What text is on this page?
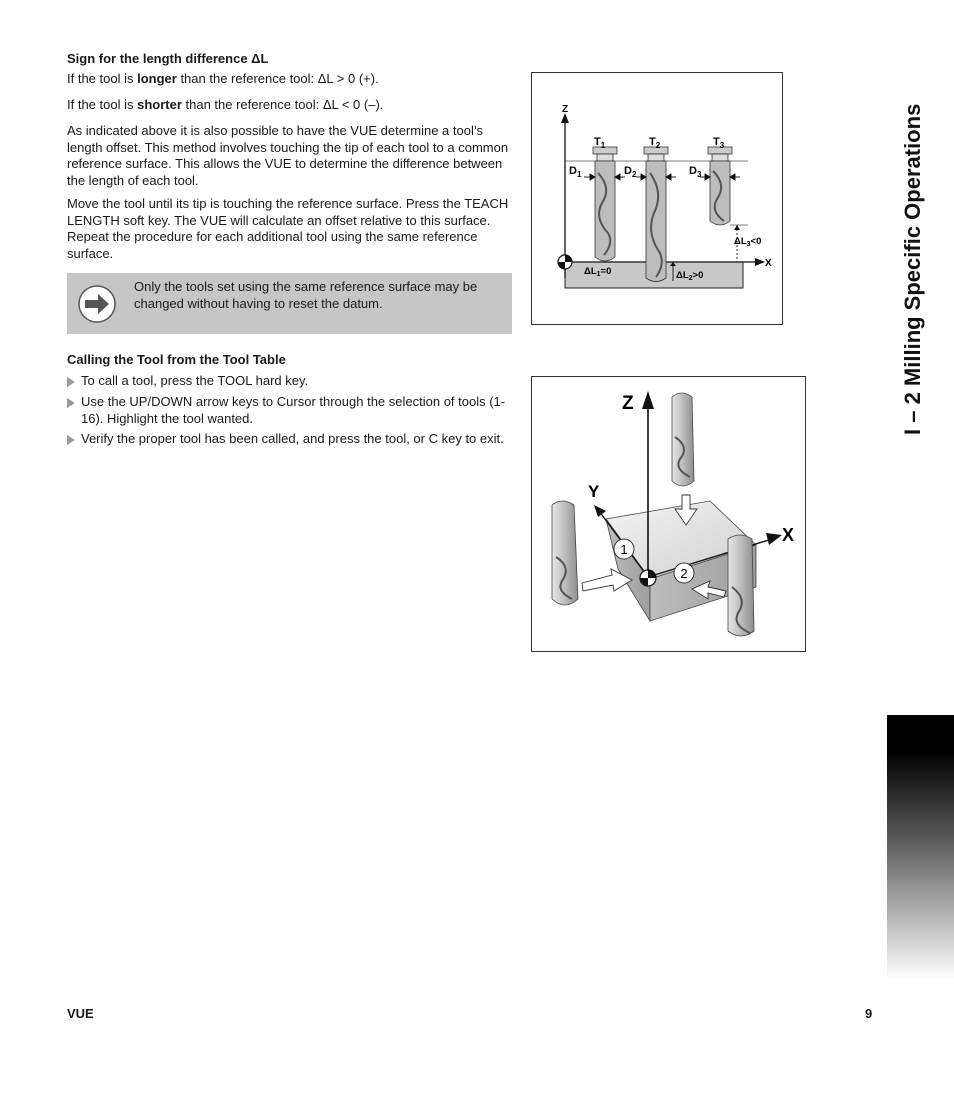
Sign for the length difference ΔL

If the tool is longer than the reference tool: ΔL > 0 (+).

If the tool is shorter than the reference tool: ΔL < 0 (–).

As indicated above it is also possible to have the VUE determine a tool’s length offset. This method involves touching the tip of each tool to a common reference surface. This allows the VUE to determine the difference between the length of each tool.

Move the tool until its tip is touching the reference surface. Press the TEACH LENGTH soft key. The VUE will calculate an offset relative to this surface. Repeat the procedure for each additional tool using the same reference surface.

Only the tools set using the same reference surface may be changed without having to reset the datum.
Calling the Tool from the Tool Table
To call a tool, press the TOOL hard key.
Use the UP/DOWN arrow keys to Cursor through the selection of tools (1-16). Highlight the tool wanted.
Verify the proper tool has been called, and press the tool, or C key to exit.
Z
X
$T_1$	$T_2$	$T_3$
$D_1$	$D_2$	$D_3$
$\Delta L_1=0$	$\Delta L_2>0$
$\Delta L_3<0$
1
2
Z
Y
X
I – 2 Milling Specific Operations
VUE	9
